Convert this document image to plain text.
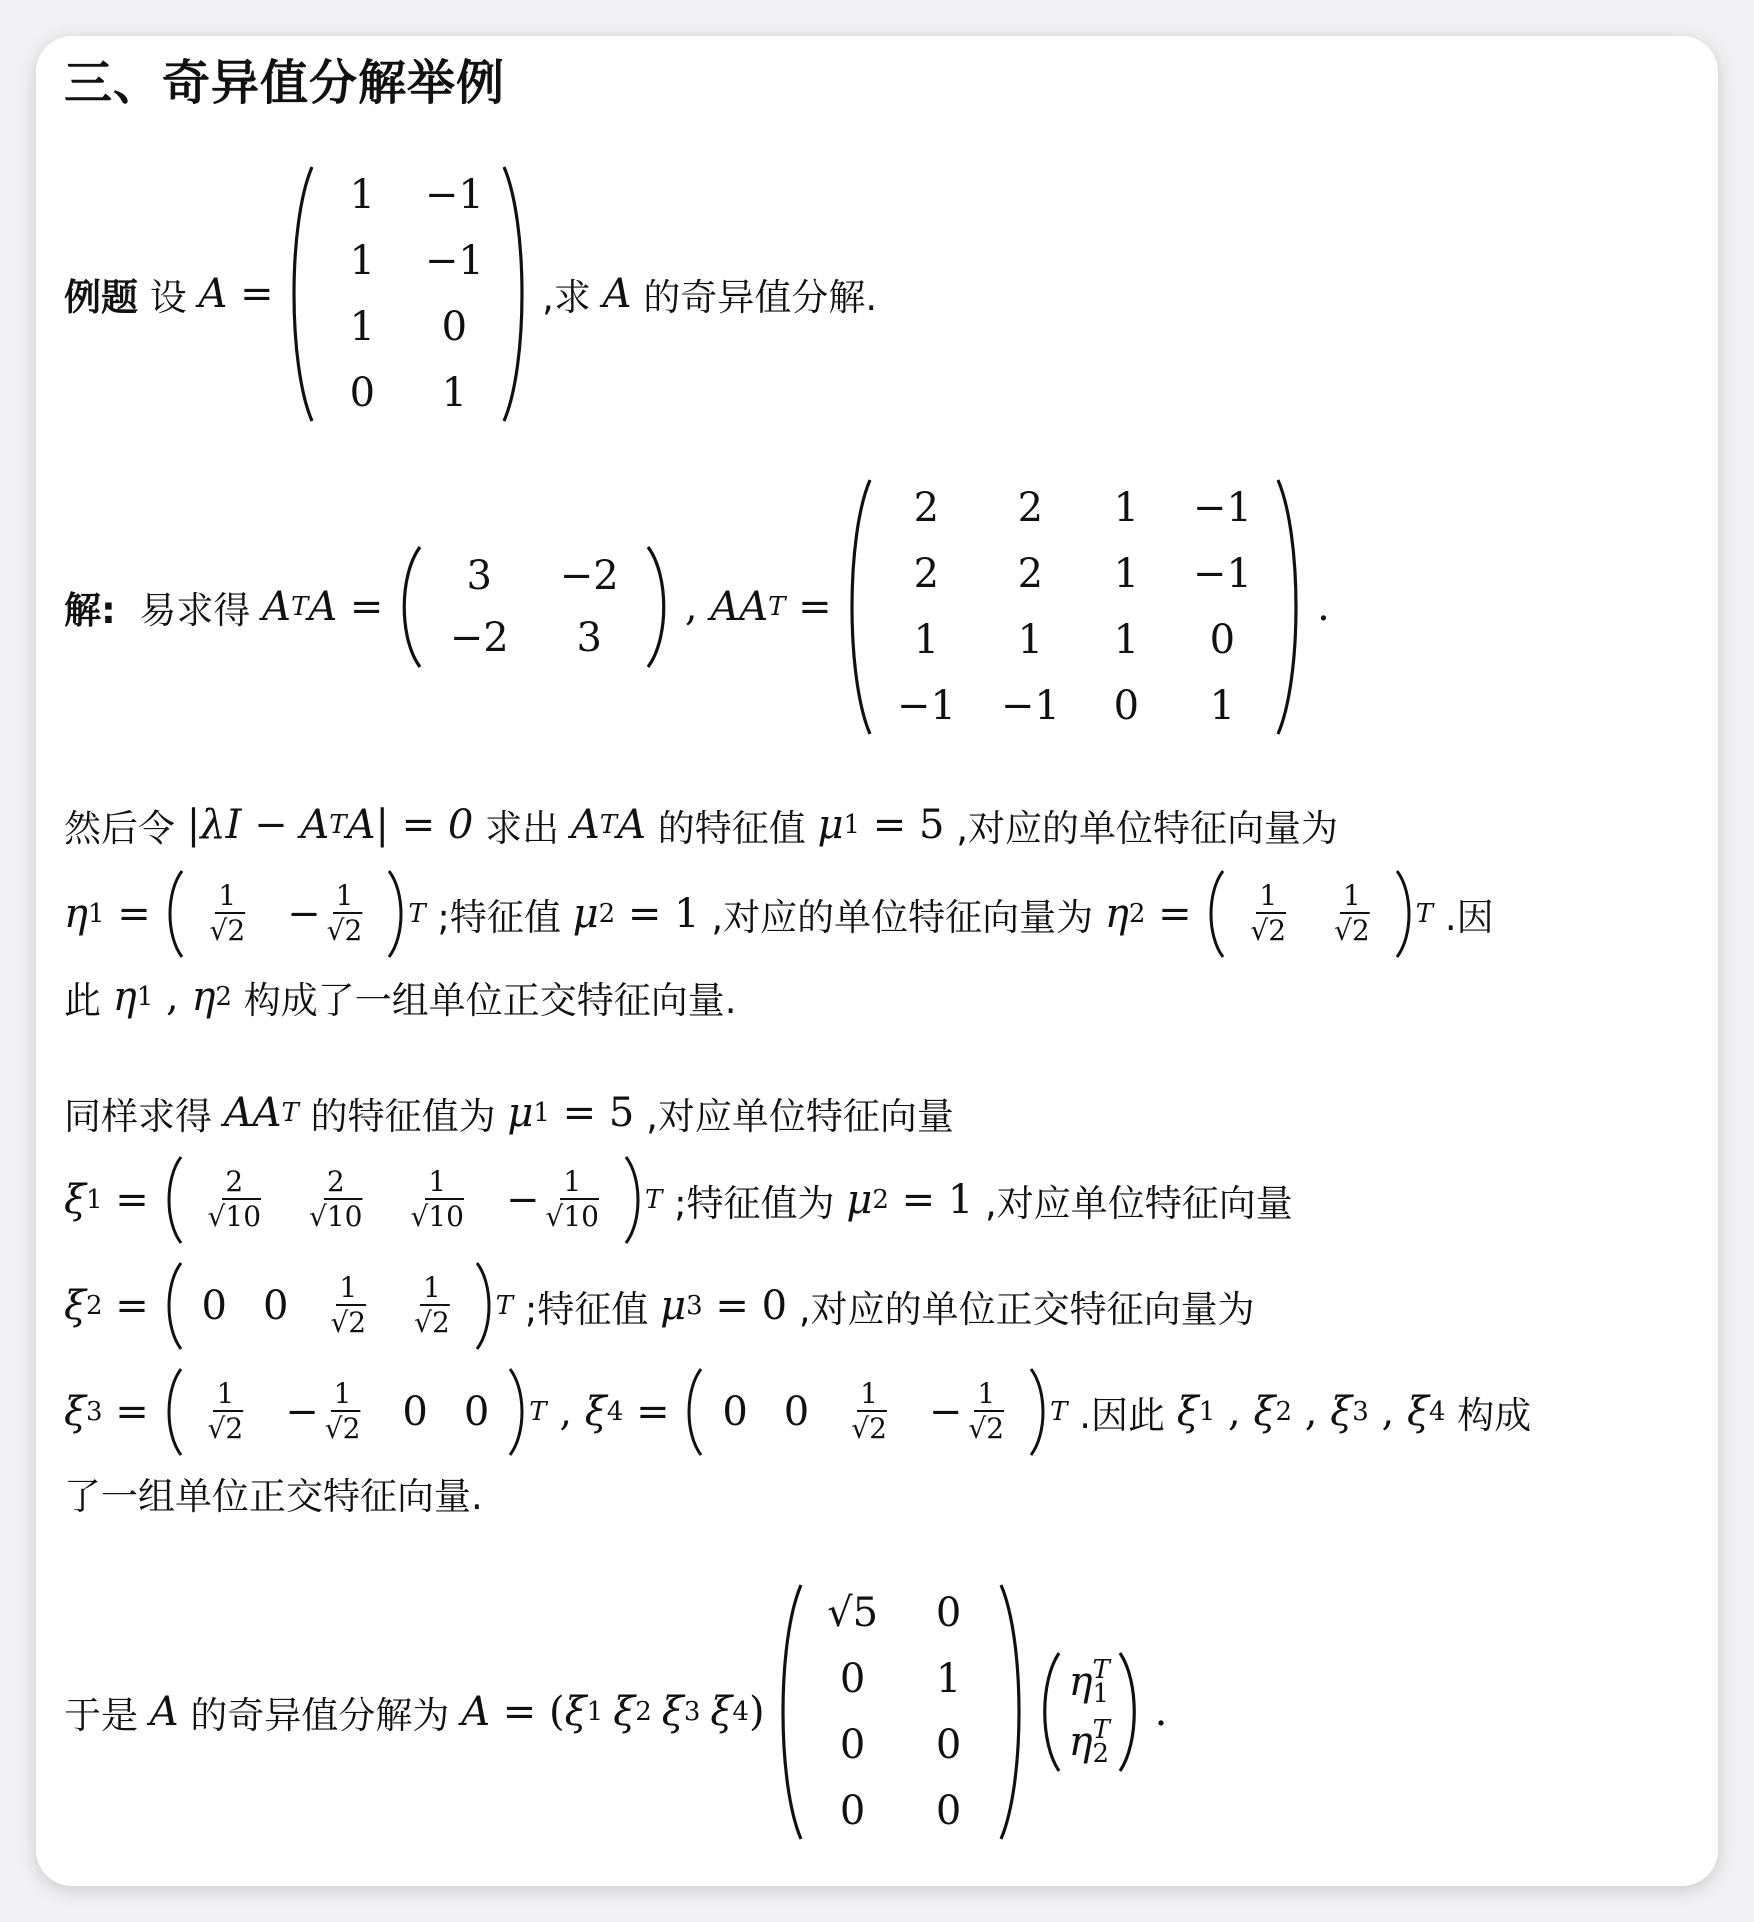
三、奇异值分解举例
例题 设 A =
1	−1
1	−1
1	0
0	1
,求 A 的奇异值分解.
解: 易求得 A T A =
3	−2
−2	3
, AA T =
2	2	1	−1
2	2	1	−1
1	1	1	0
−1	−1	0	1
.
然后令 |λI − A T A| = 0 求出 A T A 的特征值 μ 1 = 5 ,对应的单位特征向量为
η $1 = \frac{1}{√2} - \frac{1}{√2}$ T ;特征值 μ 2 = 1 ,对应的单位特征向量为 η $2 = \frac{1}{√2} \frac{1}{√2}$ T .因
此 η 1 , η 2 构成了一组单位正交特征向量.
同样求得 AA T 的特征值为 μ 1 = 5 ,对应单位特征向量
ξ $1 = \frac{2}{√10} \frac{2}{√10} \frac{1}{√10} - \frac{1}{√10}$ T ;特征值为 μ 2 = 1 ,对应单位特征向量
ξ 2 = 0 $0 \frac{1}{√2} \frac{1}{√2}$ T ;特征值 μ 3 = 0 ,对应的单位正交特征向量为
ξ $3 = \frac{1}{√2} - \frac{1}{√2} 0$ 0 T , ξ 4 = 0 $0 \frac{1}{√2} - \frac{1}{√2}$ T .因此 ξ 1 , ξ 2 , ξ 3 , ξ 4 构成
了一组单位正交特征向量.
于是 A 的奇异值分解为 A = ( ξ 1 ξ 2 ξ 3 ξ 4 )
√5	0
0	1
0	0
0	0
η T
1
η T
2
.
